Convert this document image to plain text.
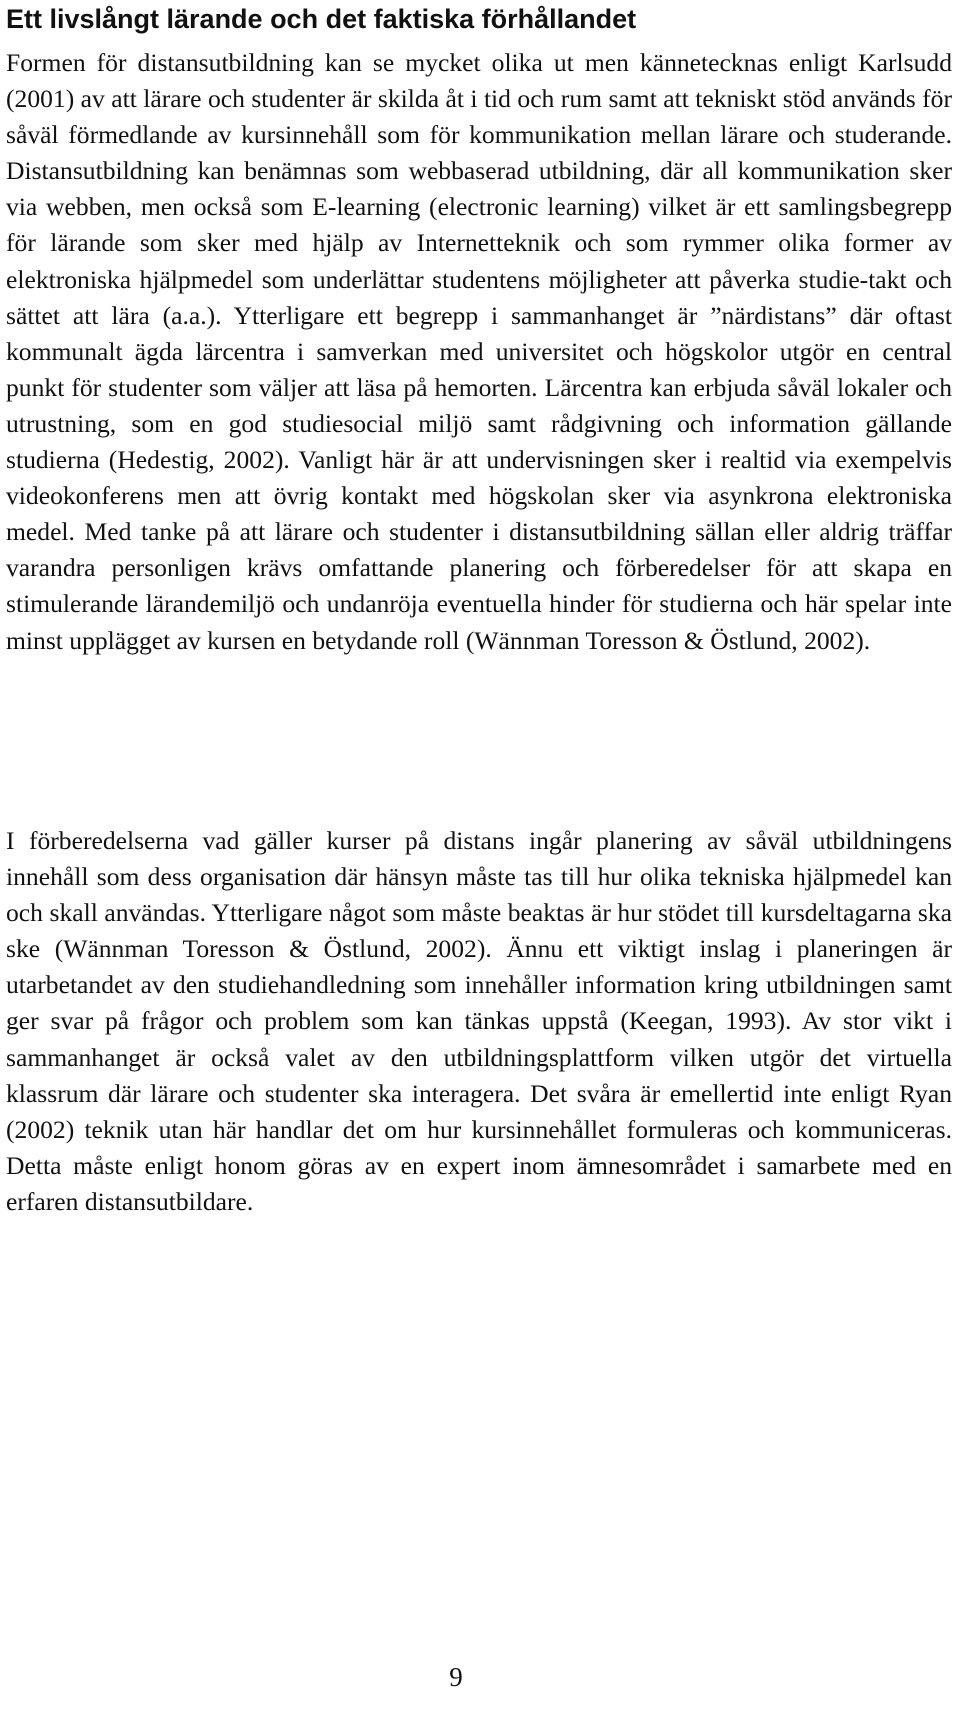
Ett livslångt lärande och det faktiska förhållandet

Formen för distansutbildning kan se mycket olika ut men kännetecknas enligt Karlsudd (2001) av att lärare och studenter är skilda åt i tid och rum samt att tekniskt stöd används för såväl förmedlande av kursinnehåll som för kommunikation mellan lärare och studerande. Distansutbildning kan benämnas som webbaserad utbildning, där all kommunikation sker via webben, men också som E-learning (electronic learning) vilket är ett samlingsbegrepp för lärande som sker med hjälp av Internetteknik och som rymmer olika former av elektroniska hjälpmedel som underlättar studentens möjligheter att påverka studie-takt och sättet att lära (a.a.). Ytterligare ett begrepp i sammanhanget är ”närdistans” där oftast kommunalt ägda lärcentra i samverkan med universitet och högskolor utgör en central punkt för studenter som väljer att läsa på hemorten. Lärcentra kan erbjuda såväl lokaler och utrustning, som en god studiesocial miljö samt rådgivning och information gällande studierna (Hedestig, 2002). Vanligt här är att undervisningen sker i realtid via exempelvis videokonferens men att övrig kontakt med högskolan sker via asynkrona elektroniska medel. Med tanke på att lärare och studenter i distansutbildning sällan eller aldrig träffar varandra personligen krävs omfattande planering och förberedelser för att skapa en stimulerande lärandemiljö och undanröja eventuella hinder för studierna och här spelar inte minst upplägget av kursen en betydande roll (Wännman Toresson & Östlund, 2002).

I förberedelserna vad gäller kurser på distans ingår planering av såväl utbildningens innehåll som dess organisation där hänsyn måste tas till hur olika tekniska hjälpmedel kan och skall användas. Ytterligare något som måste beaktas är hur stödet till kursdeltagarna ska ske (Wännman Toresson & Östlund, 2002). Ännu ett viktigt inslag i planeringen är utarbetandet av den studiehandledning som innehåller information kring utbildningen samt ger svar på frågor och problem som kan tänkas uppstå (Keegan, 1993). Av stor vikt i sammanhanget är också valet av den utbildningsplattform vilken utgör det virtuella klassrum där lärare och studenter ska interagera. Det svåra är emellertid inte enligt Ryan (2002) teknik utan här handlar det om hur kursinnehållet formuleras och kommuniceras. Detta måste enligt honom göras av en expert inom ämnesområdet i samarbete med en erfaren distansutbildare.

9
